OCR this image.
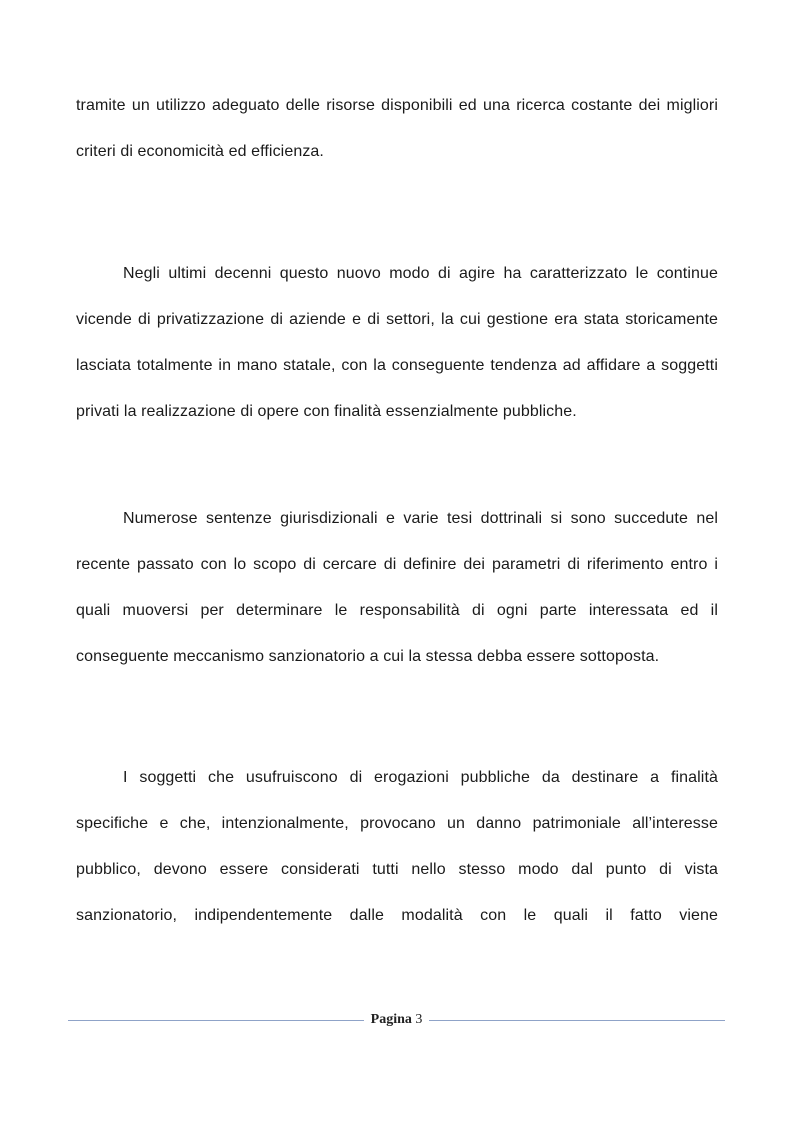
tramite un utilizzo adeguato delle risorse disponibili ed una ricerca costante dei migliori criteri di economicità ed efficienza.

Negli ultimi decenni questo nuovo modo di agire ha caratterizzato le continue vicende di privatizzazione di aziende e di settori, la cui gestione era stata storicamente lasciata totalmente in mano statale, con la conseguente tendenza ad affidare a soggetti privati la realizzazione di opere con finalità essenzialmente pubbliche.

Numerose sentenze giurisdizionali e varie tesi dottrinali si sono succedute nel recente passato con lo scopo di cercare di definire dei parametri di riferimento entro i quali muoversi per determinare le responsabilità di ogni parte interessata ed il conseguente meccanismo sanzionatorio a cui la stessa debba essere sottoposta.

I soggetti che usufruiscono di erogazioni pubbliche da destinare a finalità specifiche e che, intenzionalmente, provocano un danno patrimoniale all’interesse pubblico, devono essere considerati tutti nello stesso modo dal punto di vista sanzionatorio, indipendentemente dalle modalità con le quali il fatto viene

Pagina 3
